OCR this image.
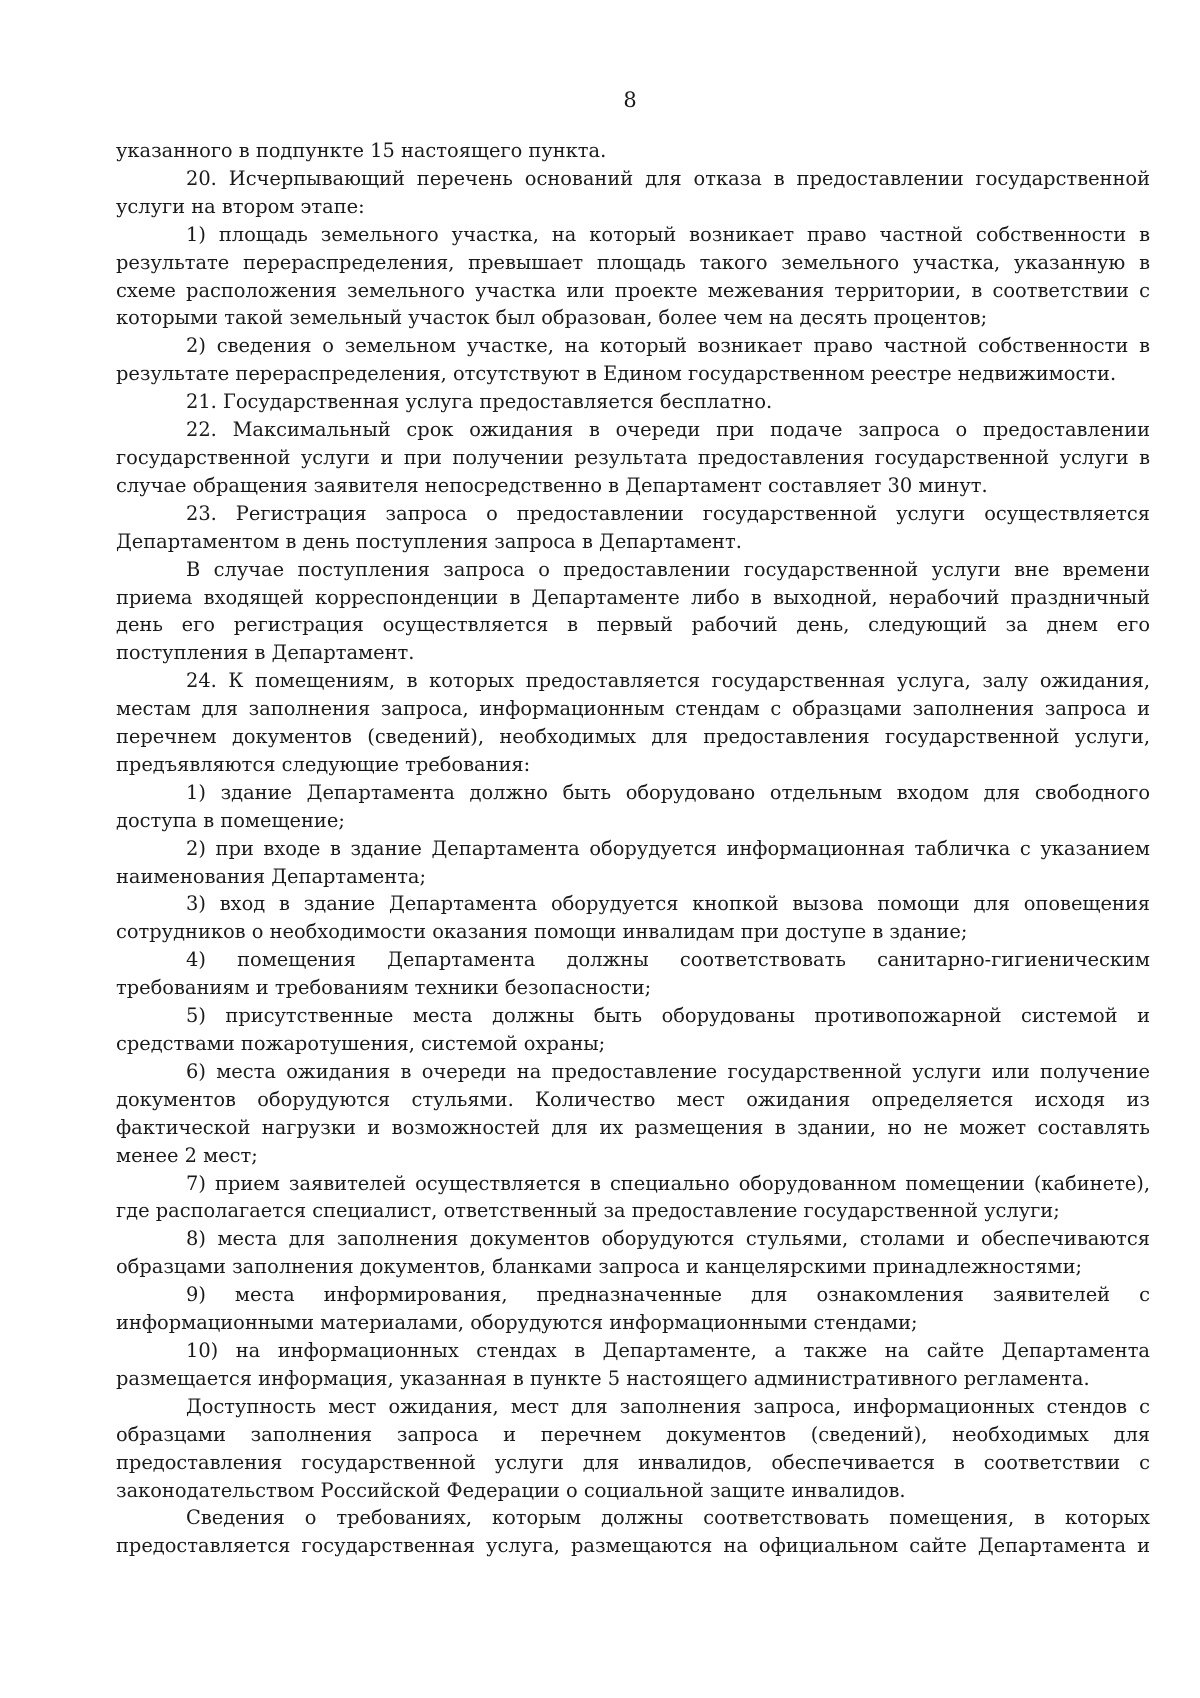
8

указанного в подпункте 15 настоящего пункта.

20. Исчерпывающий перечень оснований для отказа в предоставлении государственной услуги на втором этапе:

1) площадь земельного участка, на который возникает право частной собственности в результате перераспределения, превышает площадь такого земельного участка, указанную в схеме расположения земельного участка или проекте межевания территории, в соответствии с которыми такой земельный участок был образован, более чем на десять процентов;

2) сведения о земельном участке, на который возникает право частной собственности в результате перераспределения, отсутствуют в Едином государственном реестре недвижимости.

21. Государственная услуга предоставляется бесплатно.

22. Максимальный срок ожидания в очереди при подаче запроса о предоставлении государственной услуги и при получении результата предоставления государственной услуги в случае обращения заявителя непосредственно в Департамент составляет 30 минут.

23. Регистрация запроса о предоставлении государственной услуги осуществляется Департаментом в день поступления запроса в Департамент.

В случае поступления запроса о предоставлении государственной услуги вне времени приема входящей корреспонденции в Департаменте либо в выходной, нерабочий праздничный день его регистрация осуществляется в первый рабочий день, следующий за днем его поступления в Департамент.

24. К помещениям, в которых предоставляется государственная услуга, залу ожидания, местам для заполнения запроса, информационным стендам с образцами заполнения запроса и перечнем документов (сведений), необходимых для предоставления государственной услуги, предъявляются следующие требования:

1) здание Департамента должно быть оборудовано отдельным входом для свободного доступа в помещение;

2) при входе в здание Департамента оборудуется информационная табличка с указанием наименования Департамента;

3) вход в здание Департамента оборудуется кнопкой вызова помощи для оповещения сотрудников о необходимости оказания помощи инвалидам при доступе в здание;

4) помещения Департамента должны соответствовать санитарно-гигиеническим требованиям и требованиям техники безопасности;

5) присутственные места должны быть оборудованы противопожарной системой и средствами пожаротушения, системой охраны;

6) места ожидания в очереди на предоставление государственной услуги или получение документов оборудуются стульями. Количество мест ожидания определяется исходя из фактической нагрузки и возможностей для их размещения в здании, но не может составлять менее 2 мест;

7) прием заявителей осуществляется в специально оборудованном помещении (кабинете), где располагается специалист, ответственный за предоставление государственной услуги;

8) места для заполнения документов оборудуются стульями, столами и обеспечиваются образцами заполнения документов, бланками запроса и канцелярскими принадлежностями;

9) места информирования, предназначенные для ознакомления заявителей с информационными материалами, оборудуются информационными стендами;

10) на информационных стендах в Департаменте, а также на сайте Департамента размещается информация, указанная в пункте 5 настоящего административного регламента.

Доступность мест ожидания, мест для заполнения запроса, информационных стендов с образцами заполнения запроса и перечнем документов (сведений), необходимых для предоставления государственной услуги для инвалидов, обеспечивается в соответствии с законодательством Российской Федерации о социальной защите инвалидов.

Сведения о требованиях, которым должны соответствовать помещения, в которых предоставляется государственная услуга, размещаются на официальном сайте Департамента и
